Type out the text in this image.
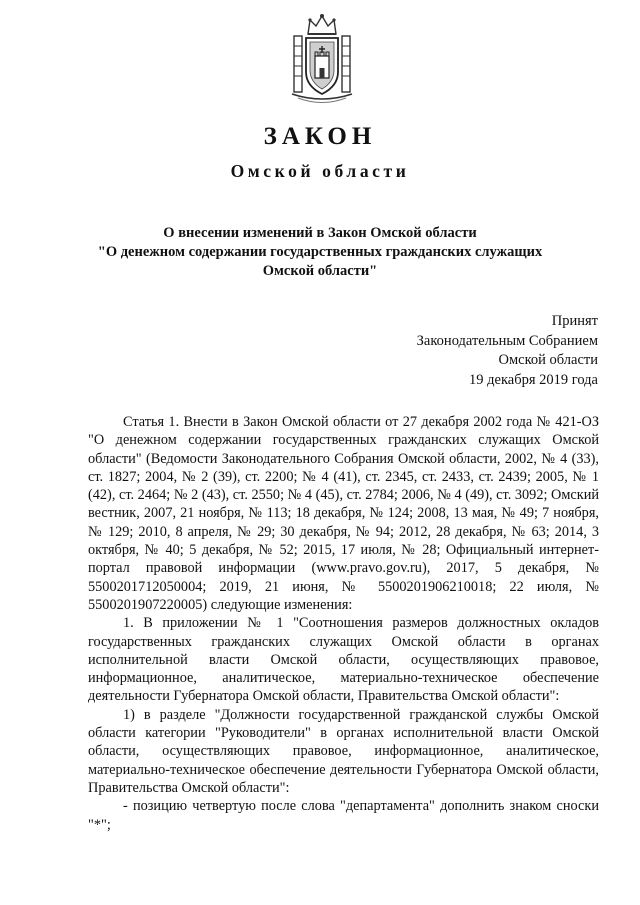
ЗАКОН
Омской области
О внесении изменений в Закон Омской области
"О денежном содержании государственных гражданских служащих
Омской области"
Принят
Законодательным Собранием
Омской области
19 декабря 2019 года

Статья 1. Внести в Закон Омской области от 27 декабря 2002 года № 421-ОЗ "О денежном содержании государственных гражданских служащих Омской области" (Ведомости Законодательного Собрания Омской области, 2002, № 4 (33), ст. 1827; 2004, № 2 (39), ст. 2200; № 4 (41), ст. 2345, ст. 2433, ст. 2439; 2005, № 1 (42), ст. 2464; № 2 (43), ст. 2550; № 4 (45), ст. 2784; 2006, № 4 (49), ст. 3092; Омский вестник, 2007, 21 ноября, № 113; 18 декабря, № 124; 2008, 13 мая, № 49; 7 ноября, № 129; 2010, 8 апреля, № 29; 30 декабря, № 94; 2012, 28 декабря, № 63; 2014, 3 октября, № 40; 5 декабря, № 52; 2015, 17 июля, № 28; Официальный интернет-портал правовой информации (www.pravo.gov.ru), 2017, 5 декабря, № 5500201712050004; 2019, 21 июня, № 5500201906210018; 22 июля, № 5500201907220005) следующие изменения:

1. В приложении № 1 "Соотношения размеров должностных окладов государственных гражданских служащих Омской области в органах исполнительной власти Омской области, осуществляющих правовое, информационное, аналитическое, материально-техническое обеспечение деятельности Губернатора Омской области, Правительства Омской области":

1) в разделе "Должности государственной гражданской службы Омской области категории "Руководители" в органах исполнительной власти Омской области, осуществляющих правовое, информационное, аналитическое, материально-техническое обеспечение деятельности Губернатора Омской области, Правительства Омской области":

- позицию четвертую после слова "департамента" дополнить знаком сноски "*";
